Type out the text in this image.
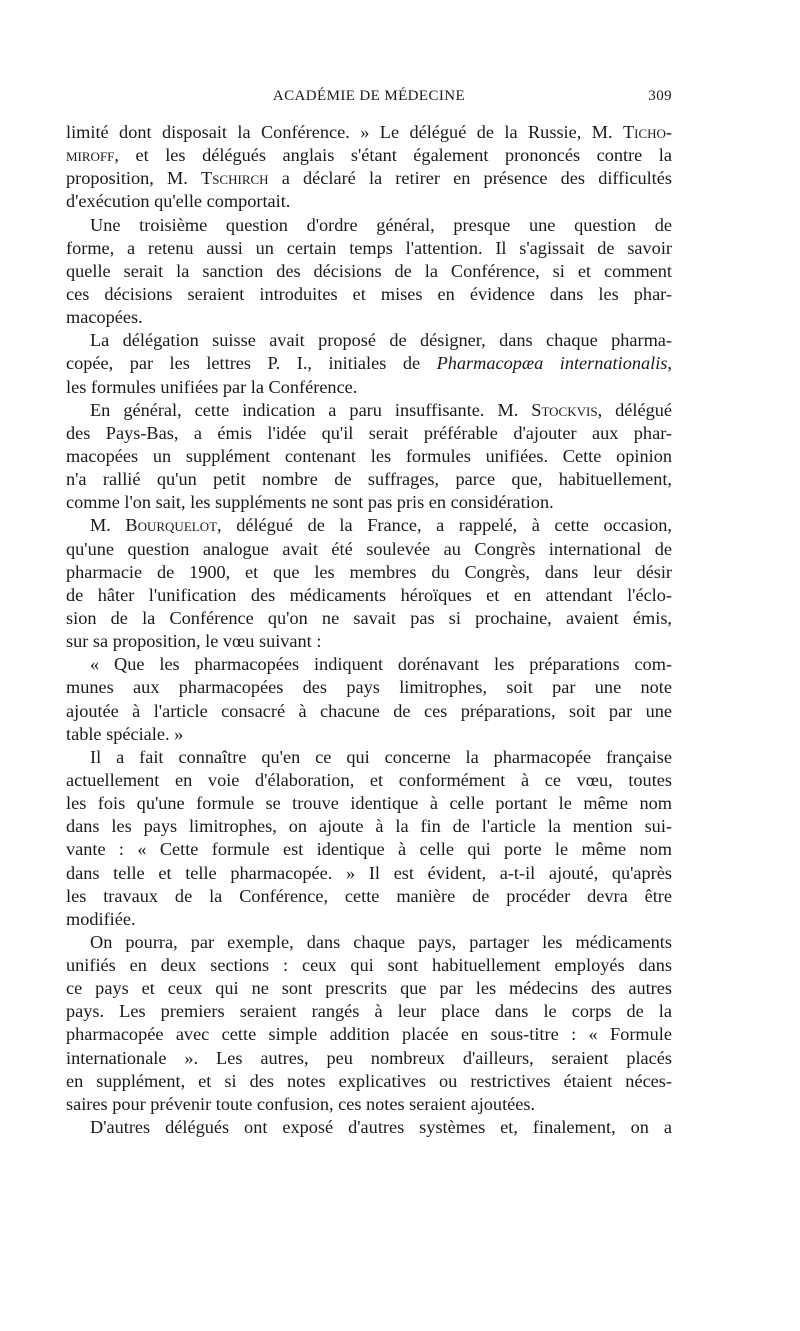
ACADÉMIE DE MÉDECINE	309
limité dont disposait la Conférence. » Le délégué de la Russie, M. Ticho-
miroff, et les délégués anglais s'étant également prononcés contre la
proposition, M. Tschirch a déclaré la retirer en présence des difficultés
d'exécution qu'elle comportait.
Une troisième question d'ordre général, presque une question de
forme, a retenu aussi un certain temps l'attention. Il s'agissait de savoir
quelle serait la sanction des décisions de la Conférence, si et comment
ces décisions seraient introduites et mises en évidence dans les phar-
macopées.
La délégation suisse avait proposé de désigner, dans chaque pharma-
copée, par les lettres P. I., initiales de Pharmacopæa internationalis,
les formules unifiées par la Conférence.
En général, cette indication a paru insuffisante. M. Stockvis, délégué
des Pays-Bas, a émis l'idée qu'il serait préférable d'ajouter aux phar-
macopées un supplément contenant les formules unifiées. Cette opinion
n'a rallié qu'un petit nombre de suffrages, parce que, habituellement,
comme l'on sait, les suppléments ne sont pas pris en considération.
M. Bourquelot, délégué de la France, a rappelé, à cette occasion,
qu'une question analogue avait été soulevée au Congrès international de
pharmacie de 1900, et que les membres du Congrès, dans leur désir
de hâter l'unification des médicaments héroïques et en attendant l'éclo-
sion de la Conférence qu'on ne savait pas si prochaine, avaient émis,
sur sa proposition, le vœu suivant :
« Que les pharmacopées indiquent dorénavant les préparations com-
munes aux pharmacopées des pays limitrophes, soit par une note
ajoutée à l'article consacré à chacune de ces préparations, soit par une
table spéciale. »
Il a fait connaître qu'en ce qui concerne la pharmacopée française
actuellement en voie d'élaboration, et conformément à ce vœu, toutes
les fois qu'une formule se trouve identique à celle portant le même nom
dans les pays limitrophes, on ajoute à la fin de l'article la mention sui-
vante : « Cette formule est identique à celle qui porte le même nom
dans telle et telle pharmacopée. » Il est évident, a-t-il ajouté, qu'après
les travaux de la Conférence, cette manière de procéder devra être
modifiée.
On pourra, par exemple, dans chaque pays, partager les médicaments
unifiés en deux sections : ceux qui sont habituellement employés dans
ce pays et ceux qui ne sont prescrits que par les médecins des autres
pays. Les premiers seraient rangés à leur place dans le corps de la
pharmacopée avec cette simple addition placée en sous-titre : « Formule
internationale ». Les autres, peu nombreux d'ailleurs, seraient placés
en supplément, et si des notes explicatives ou restrictives étaient néces-
saires pour prévenir toute confusion, ces notes seraient ajoutées.
D'autres délégués ont exposé d'autres systèmes et, finalement, on a
